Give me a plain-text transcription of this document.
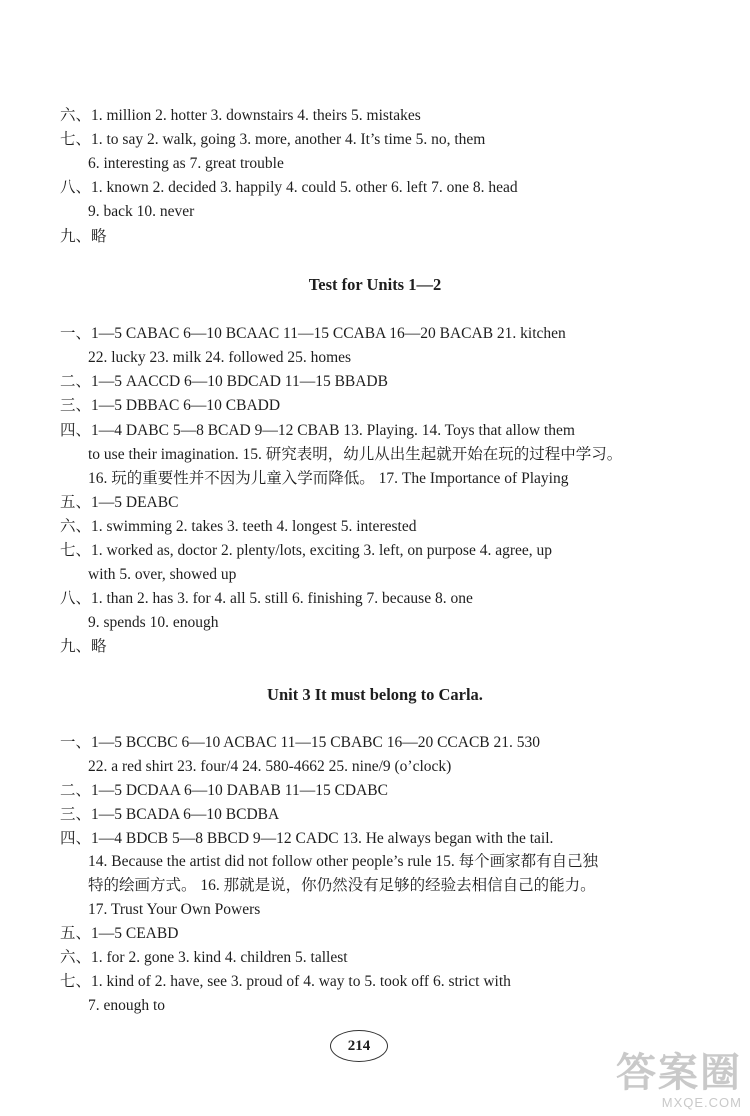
六、1. million 2. hotter 3. downstairs 4. theirs 5. mistakes
七、1. to say 2. walk, going 3. more, another 4. It’s time 5. no, them
6. interesting as 7. great trouble
八、1. known 2. decided 3. happily 4. could 5. other 6. left 7. one 8. head
9. back 10. never
九、略
Test for Units 1—2
一、1—5 CABAC 6—10 BCAAC 11—15 CCABA 16—20 BACAB 21. kitchen
22. lucky 23. milk 24. followed 25. homes
二、1—5 AACCD 6—10 BDCAD 11—15 BBADB
三、1—5 DBBAC 6—10 CBADD
四、1—4 DABC 5—8 BCAD 9—12 CBAB 13. Playing. 14. Toys that allow them
to use their imagination. 15. 研究表明，幼儿从出生起就开始在玩的过程中学习。
16. 玩的重要性并不因为儿童入学而降低。 17. The Importance of Playing
五、1—5 DEABC
六、1. swimming 2. takes 3. teeth 4. longest 5. interested
七、1. worked as, doctor 2. plenty/lots, exciting 3. left, on purpose 4. agree, up
with 5. over, showed up
八、1. than 2. has 3. for 4. all 5. still 6. finishing 7. because 8. one
9. spends 10. enough
九、略
Unit 3 It must belong to Carla.
一、1—5 BCCBC 6—10 ACBAC 11—15 CBABC 16—20 CCACB 21. 530
22. a red shirt 23. four/4 24. 580-4662 25. nine/9 (o’clock)
二、1—5 DCDAA 6—10 DABAB 11—15 CDABC
三、1—5 BCADA 6—10 BCDBA
四、1—4 BDCB 5—8 BBCD 9—12 CADC 13. He always began with the tail.
14. Because the artist did not follow other people’s rule 15. 每个画家都有自己独
特的绘画方式。 16. 那就是说，你仍然没有足够的经验去相信自己的能力。
17. Trust Your Own Powers
五、1—5 CEABD
六、1. for 2. gone 3. kind 4. children 5. tallest
七、1. kind of 2. have, see 3. proud of 4. way to 5. took off 6. strict with
7. enough to
214
答案圈
MXQE.COM
